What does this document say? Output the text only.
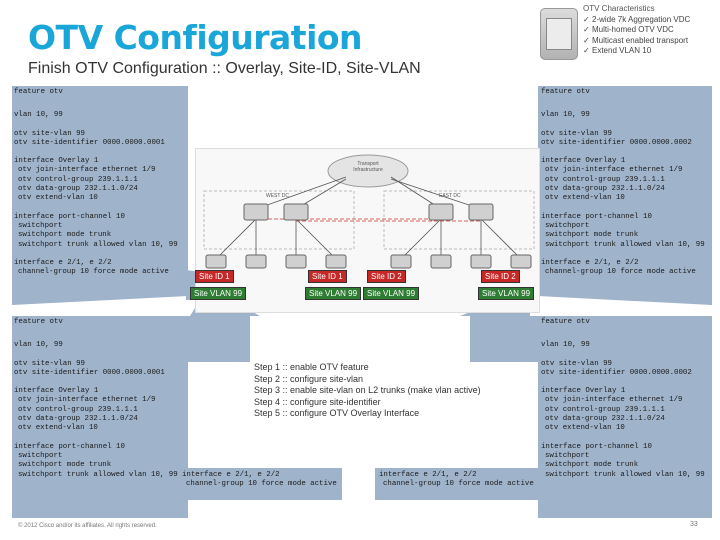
OTV Configuration
Finish OTV Configuration :: Overlay, Site-ID, Site-VLAN
OTV Characteristics
✓ 2-wide 7k Aggregation VDC
✓ Multi-homed OTV VDC
✓ Multicast enabled transport
✓ Extend VLAN 10
feature otv
vlan 10, 99
otv site-vlan 99
otv site-identifier 0000.0000.0001
interface Overlay 1
otv join-interface ethernet 1/9
otv control-group 239.1.1.1
otv data-group 232.1.1.0/24
otv extend-vlan 10
interface port-channel 10
switchport
switchport mode trunk
switchport trunk allowed vlan 10, 99
interface e 2/1, e 2/2
channel-group 10 force mode active
feature otv
vlan 10, 99
otv site-vlan 99
otv site-identifier 0000.0000.0002
interface Overlay 1
otv join-interface ethernet 1/9
otv control-group 239.1.1.1
otv data-group 232.1.1.0/24
otv extend-vlan 10
interface port-channel 10
switchport
switchport mode trunk
switchport trunk allowed vlan 10, 99
interface e 2/1, e 2/2
channel-group 10 force mode active
feature otv
vlan 10, 99
otv site-vlan 99
otv site-identifier 0000.0000.0001
interface Overlay 1
otv join-interface ethernet 1/9
otv control-group 239.1.1.1
otv data-group 232.1.1.0/24
otv extend-vlan 10
interface port-channel 10
switchport
switchport mode trunk
switchport trunk allowed vlan 10, 99
feature otv
vlan 10, 99
otv site-vlan 99
otv site-identifier 0000.0000.0002
interface Overlay 1
otv join-interface ethernet 1/9
otv control-group 239.1.1.1
otv data-group 232.1.1.0/24
otv extend-vlan 10
interface port-channel 10
switchport
switchport mode trunk
switchport trunk allowed vlan 10, 99
interface e 2/1, e 2/2
channel-group 10 force mode active
interface e 2/1, e 2/2
channel-group 10 force mode active
Transport Infrastructure
WEST DC	EAST DC
Site ID 1	Site ID 1	Site ID 2	Site ID 2
Site VLAN 99	Site VLAN 99	Site VLAN 99	Site VLAN 99
Step 1 :: enable OTV feature
Step 2 :: configure site-vlan
Step 3 :: enable site-vlan on L2 trunks (make vlan active)
Step 4 :: configure site-identifier
Step 5 :: configure OTV Overlay Interface
© 2012 Cisco and/or its affiliates. All rights reserved.	33
